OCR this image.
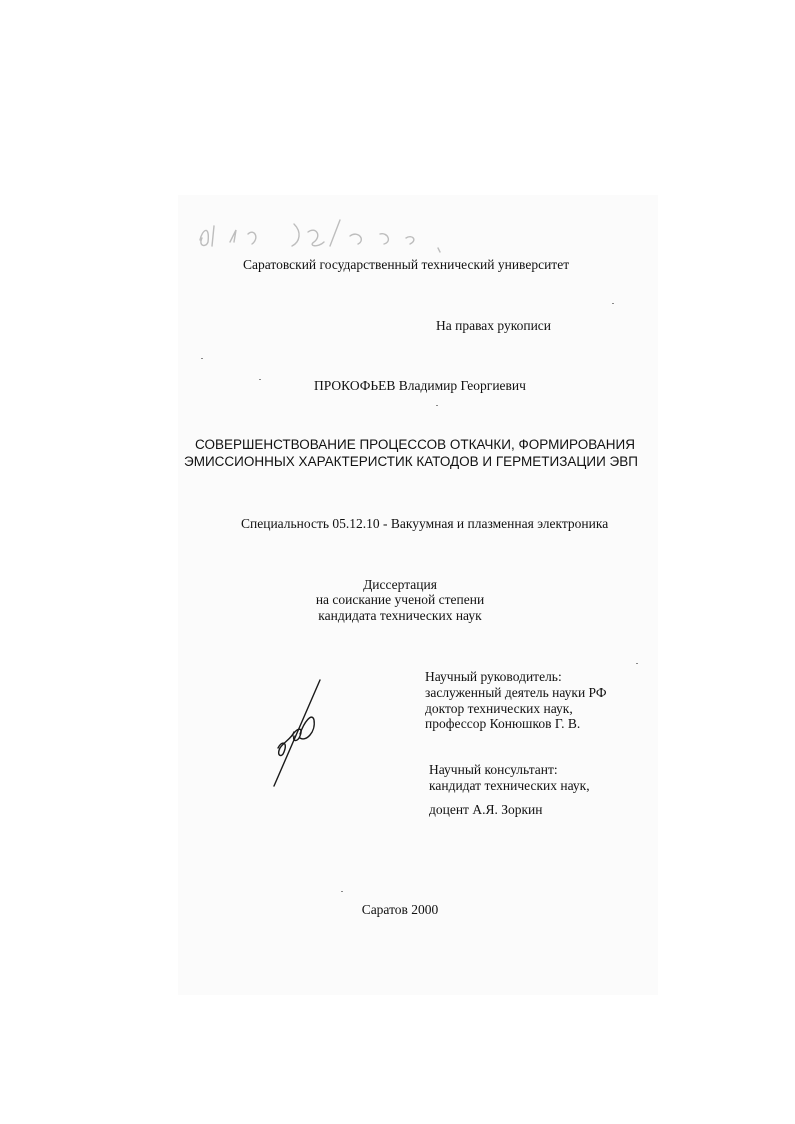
Саратовский государственный технический университет
На правах рукописи
ПРОКОФЬЕВ Владимир Георгиевич
СОВЕРШЕНСТВОВАНИЕ ПРОЦЕССОВ ОТКАЧКИ, ФОРМИРОВАНИЯ
ЭМИССИОННЫХ ХАРАКТЕРИСТИК КАТОДОВ И ГЕРМЕТИЗАЦИИ ЭВП
Специальность 05.12.10 - Вакуумная и плазменная электроника
Диссертация
на соискание ученой степени
кандидата технических наук
Научный руководитель:
заслуженный деятель науки РФ
доктор технических наук,
профессор Конюшков Г. В.
Научный консультант:
кандидат технических наук,
доцент А.Я. Зоркин
Саратов 2000
